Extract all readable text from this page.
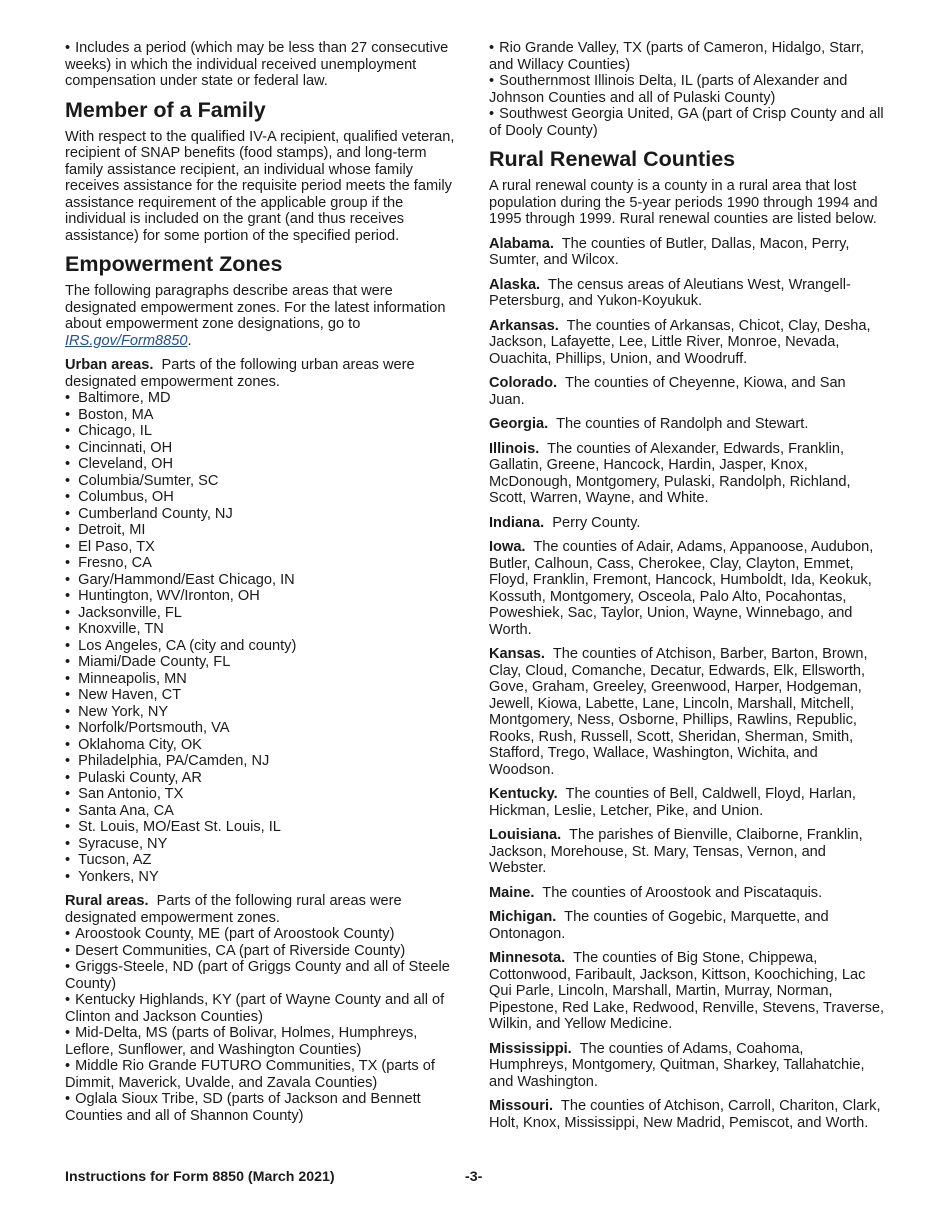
• Includes a period (which may be less than 27 consecutive weeks) in which the individual received unemployment compensation under state or federal law.

Member of a Family

With respect to the qualified IV-A recipient, qualified veteran, recipient of SNAP benefits (food stamps), and long-term family assistance recipient, an individual whose family receives assistance for the requisite period meets the family assistance requirement of the applicable group if the individual is included on the grant (and thus receives assistance) for some portion of the specified period.

Empowerment Zones

The following paragraphs describe areas that were designated empowerment zones. For the latest information about empowerment zone designations, go to IRS.gov/Form8850.

Urban areas. Parts of the following urban areas were designated empowerment zones.
• Baltimore, MD
• Boston, MA
• Chicago, IL
• Cincinnati, OH
• Cleveland, OH
• Columbia/Sumter, SC
• Columbus, OH
• Cumberland County, NJ
• Detroit, MI
• El Paso, TX
• Fresno, CA
• Gary/Hammond/East Chicago, IN
• Huntington, WV/Ironton, OH
• Jacksonville, FL
• Knoxville, TN
• Los Angeles, CA (city and county)
• Miami/Dade County, FL
• Minneapolis, MN
• New Haven, CT
• New York, NY
• Norfolk/Portsmouth, VA
• Oklahoma City, OK
• Philadelphia, PA/Camden, NJ
• Pulaski County, AR
• San Antonio, TX
• Santa Ana, CA
• St. Louis, MO/East St. Louis, IL
• Syracuse, NY
• Tucson, AZ
• Yonkers, NY
Rural areas. Parts of the following rural areas were designated empowerment zones.
• Aroostook County, ME (part of Aroostook County)
• Desert Communities, CA (part of Riverside County)
• Griggs-Steele, ND (part of Griggs County and all of Steele County)
• Kentucky Highlands, KY (part of Wayne County and all of Clinton and Jackson Counties)
• Mid-Delta, MS (parts of Bolivar, Holmes, Humphreys, Leflore, Sunflower, and Washington Counties)
• Middle Rio Grande FUTURO Communities, TX (parts of Dimmit, Maverick, Uvalde, and Zavala Counties)
• Oglala Sioux Tribe, SD (parts of Jackson and Bennett Counties and all of Shannon County)
• Rio Grande Valley, TX (parts of Cameron, Hidalgo, Starr, and Willacy Counties)
• Southernmost Illinois Delta, IL (parts of Alexander and Johnson Counties and all of Pulaski County)
• Southwest Georgia United, GA (part of Crisp County and all of Dooly County)
Rural Renewal Counties

A rural renewal county is a county in a rural area that lost population during the 5-year periods 1990 through 1994 and 1995 through 1999. Rural renewal counties are listed below.

Alabama. The counties of Butler, Dallas, Macon, Perry, Sumter, and Wilcox.

Alaska. The census areas of Aleutians West, Wrangell-Petersburg, and Yukon-Koyukuk.

Arkansas. The counties of Arkansas, Chicot, Clay, Desha, Jackson, Lafayette, Lee, Little River, Monroe, Nevada, Ouachita, Phillips, Union, and Woodruff.

Colorado. The counties of Cheyenne, Kiowa, and San Juan.

Georgia. The counties of Randolph and Stewart.

Illinois. The counties of Alexander, Edwards, Franklin, Gallatin, Greene, Hancock, Hardin, Jasper, Knox, McDonough, Montgomery, Pulaski, Randolph, Richland, Scott, Warren, Wayne, and White.

Indiana. Perry County.

Iowa. The counties of Adair, Adams, Appanoose, Audubon, Butler, Calhoun, Cass, Cherokee, Clay, Clayton, Emmet, Floyd, Franklin, Fremont, Hancock, Humboldt, Ida, Keokuk, Kossuth, Montgomery, Osceola, Palo Alto, Pocahontas, Poweshiek, Sac, Taylor, Union, Wayne, Winnebago, and Worth.

Kansas. The counties of Atchison, Barber, Barton, Brown, Clay, Cloud, Comanche, Decatur, Edwards, Elk, Ellsworth, Gove, Graham, Greeley, Greenwood, Harper, Hodgeman, Jewell, Kiowa, Labette, Lane, Lincoln, Marshall, Mitchell, Montgomery, Ness, Osborne, Phillips, Rawlins, Republic, Rooks, Rush, Russell, Scott, Sheridan, Sherman, Smith, Stafford, Trego, Wallace, Washington, Wichita, and Woodson.

Kentucky. The counties of Bell, Caldwell, Floyd, Harlan, Hickman, Leslie, Letcher, Pike, and Union.

Louisiana. The parishes of Bienville, Claiborne, Franklin, Jackson, Morehouse, St. Mary, Tensas, Vernon, and Webster.

Maine. The counties of Aroostook and Piscataquis.

Michigan. The counties of Gogebic, Marquette, and Ontonagon.

Minnesota. The counties of Big Stone, Chippewa, Cottonwood, Faribault, Jackson, Kittson, Koochiching, Lac Qui Parle, Lincoln, Marshall, Martin, Murray, Norman, Pipestone, Red Lake, Redwood, Renville, Stevens, Traverse, Wilkin, and Yellow Medicine.

Mississippi. The counties of Adams, Coahoma, Humphreys, Montgomery, Quitman, Sharkey, Tallahatchie, and Washington.

Missouri. The counties of Atchison, Carroll, Chariton, Clark, Holt, Knox, Mississippi, New Madrid, Pemiscot, and Worth.

Instructions for Form 8850 (March 2021)	-3-
